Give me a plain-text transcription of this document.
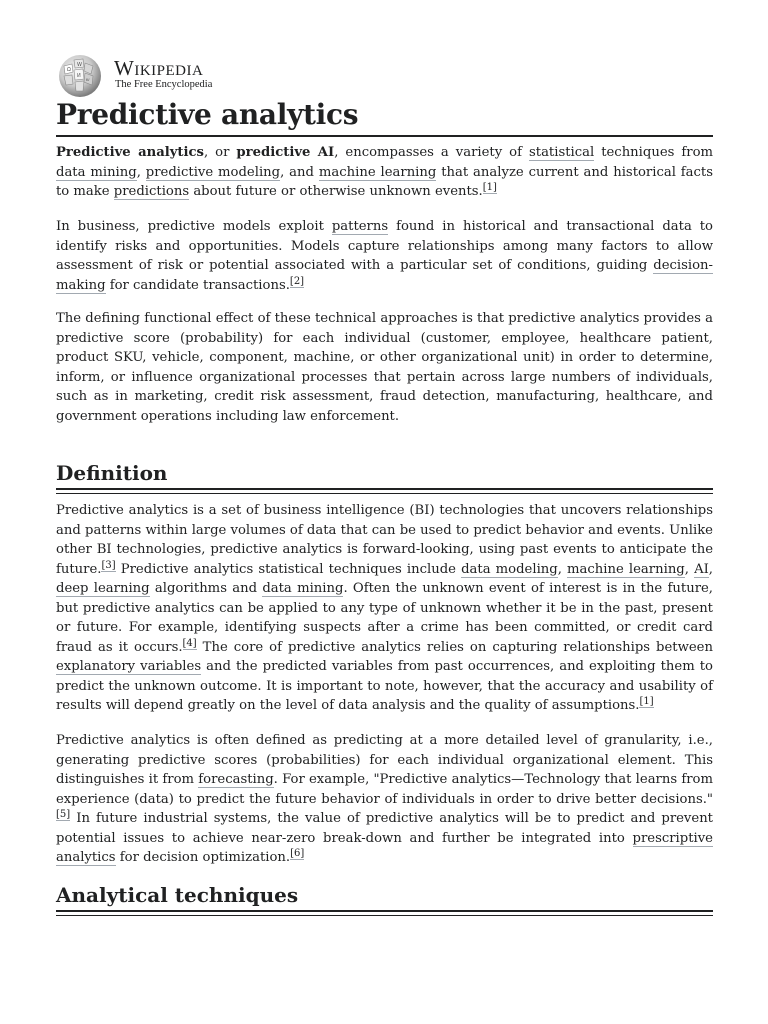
Ω
W
И
ש Wikipedia
The Free Encyclopedia
Predictive analytics

Predictive analytics, or predictive AI, encompasses a variety of statistical techniques from data mining, predictive modeling, and machine learning that analyze current and historical facts to make predictions about future or otherwise unknown events.[1]

In business, predictive models exploit patterns found in historical and transactional data to identify risks and opportunities. Models capture relationships among many factors to allow assessment of risk or potential associated with a particular set of conditions, guiding decision-making for candidate transactions.[2]

The defining functional effect of these technical approaches is that predictive analytics provides a predictive score (probability) for each individual (customer, employee, healthcare patient, product SKU, vehicle, component, machine, or other organizational unit) in order to determine, inform, or influence organizational processes that pertain across large numbers of individuals, such as in marketing, credit risk assessment, fraud detection, manufacturing, healthcare, and government operations including law enforcement.

Definition

Predictive analytics is a set of business intelligence (BI) technologies that uncovers relationships and patterns within large volumes of data that can be used to predict behavior and events. Unlike other BI technologies, predictive analytics is forward-looking, using past events to anticipate the future.[3] Predictive analytics statistical techniques include data modeling, machine learning, AI, deep learning algorithms and data mining. Often the unknown event of interest is in the future, but predictive analytics can be applied to any type of unknown whether it be in the past, present or future. For example, identifying suspects after a crime has been committed, or credit card fraud as it occurs.[4] The core of predictive analytics relies on capturing relationships between explanatory variables and the predicted variables from past occurrences, and exploiting them to predict the unknown outcome. It is important to note, however, that the accuracy and usability of results will depend greatly on the level of data analysis and the quality of assumptions.[1]

Predictive analytics is often defined as predicting at a more detailed level of granularity, i.e., generating predictive scores (probabilities) for each individual organizational element. This distinguishes it from forecasting. For example, "Predictive analytics—Technology that learns from experience (data) to predict the future behavior of individuals in order to drive better decisions."[5] In future industrial systems, the value of predictive analytics will be to predict and prevent potential issues to achieve near-zero break-down and further be integrated into prescriptive analytics for decision optimization.[6]

Analytical techniques
